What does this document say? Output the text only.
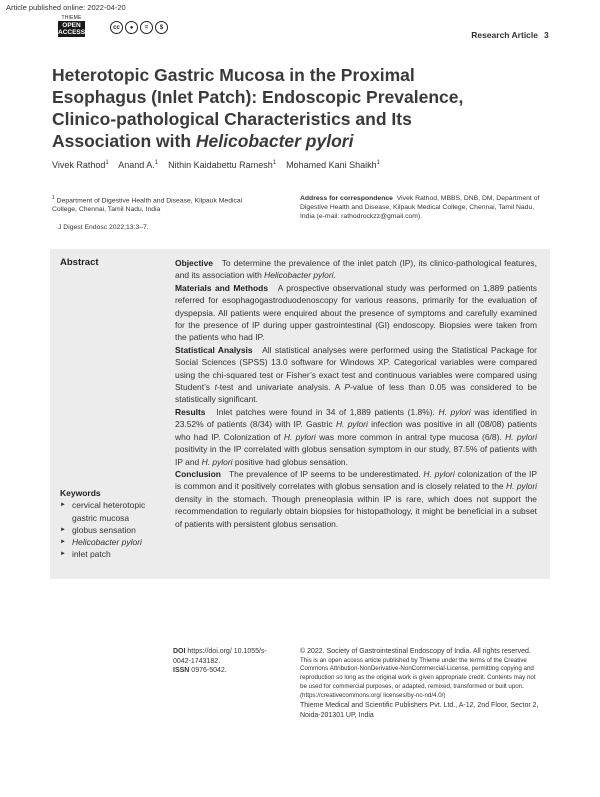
Article published online: 2022-04-20
THIEME
OPEN
ACCESS
cc	●	=	$
Research Article 3
Heterotopic Gastric Mucosa in the Proximal Esophagus (Inlet Patch): Endoscopic Prevalence, Clinico-pathological Characteristics and Its Association with Helicobacter pylori
Vivek Rathod$^1$ Anand A.$^1$ Nithin Kaidabettu Ramesh$^1$ Mohamed Kani Shaikh$^1$
$^1$ Department of Digestive Health and Disease, Kilpauk Medical College, Chennai, Tamil Nadu, India
J Digest Endosc 2022;13:3–7.
Address for correspondence Vivek Rathod, MBBS, DNB, DM, Department of Digestive Health and Disease, Kilpauk Medical College, Chennai, Tamil Nadu, India (e-mail: rathodrockzz@gmail.com).
Abstract	Objective To determine the prevalence of the inlet patch (IP), its clinico-pathological features, and its association with Helicobacter pylori.

Materials and Methods A prospective observational study was performed on 1,889 patients referred for esophagogastroduodenoscopy for various reasons, primarily for the evaluation of dyspepsia. All patients were enquired about the presence of symptoms and carefully examined for the presence of IP during upper gastrointestinal (GI) endoscopy. Biopsies were taken from the patients who had IP.

Statistical Analysis All statistical analyses were performed using the Statistical Package for Social Sciences (SPSS) 13.0 software for Windows XP. Categorical variables were compared using the chi-squared test or Fisher’s exact test and continuous variables were compared using Student’s t-test and univariate analysis. A P-value of less than 0.05 was considered to be statistically significant.

Results Inlet patches were found in 34 of 1,889 patients (1.8%). H. pylori was identified in 23.52% of patients (8/34) with IP. Gastric H. pylori infection was positive in all (08/08) patients who had IP. Colonization of H. pylori was more common in antral type mucosa (6/8). H. pylori positivity in the IP correlated with globus sensation symptom in our study, 87.5% of patients with IP and H. pylori positive had globus sensation.

Conclusion The prevalence of IP seems to be underestimated. H. pylori colonization of the IP is common and it positively correlates with globus sensation and is closely related to the H. pylori density in the stomach. Though preneoplasia within IP is rare, which does not support the recommendation to regularly obtain biopsies for histopathology, it might be beneficial in a subset of patients with persistent globus sensation.

Keywords
► cervical heterotopic gastric mucosa
► globus sensation
► Helicobacter pylori
► inlet patch
DOI https://doi.org/ 10.1055/s-0042-1743182.
ISSN 0976-5042.
© 2022. Society of Gastrointestinal Endoscopy of India. All rights reserved.
This is an open access article published by Thieme under the terms of the Creative Commons Attribution-NonDerivative-NonCommercial-License, permitting copying and reproduction so long as the original work is given appropriate credit. Contents may not be used for commercial purposes, or adapted, remixed, transformed or built upon. (https://creativecommons.org/ licenses/by-nc-nd/4.0/)
Thieme Medical and Scientific Publishers Pvt. Ltd., A-12, 2nd Floor, Sector 2, Noida-201301 UP, India
